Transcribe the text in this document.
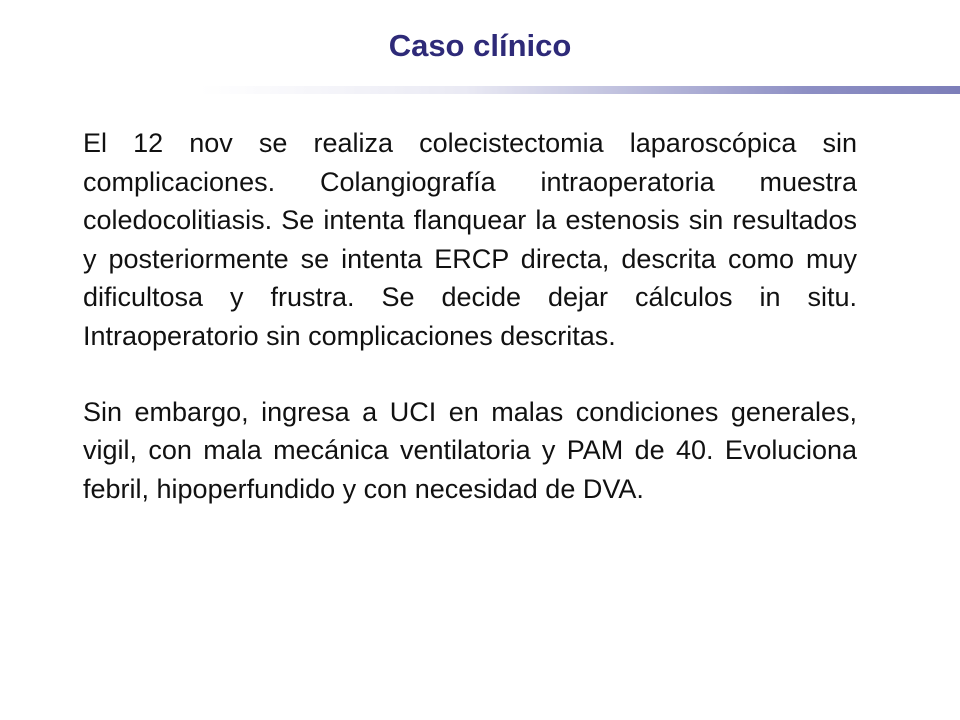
Caso clínico

El 12 nov se realiza colecistectomia laparoscópica sin complicaciones. Colangiografía intraoperatoria muestra coledocolitiasis. Se intenta flanquear la estenosis sin resultados y posteriormente se intenta ERCP directa, descrita como muy dificultosa y frustra. Se decide dejar cálculos in situ. Intraoperatorio sin complicaciones descritas.

Sin embargo, ingresa a UCI en malas condiciones generales, vigil, con mala mecánica ventilatoria y PAM de 40. Evoluciona febril, hipoperfundido y con necesidad de DVA.
